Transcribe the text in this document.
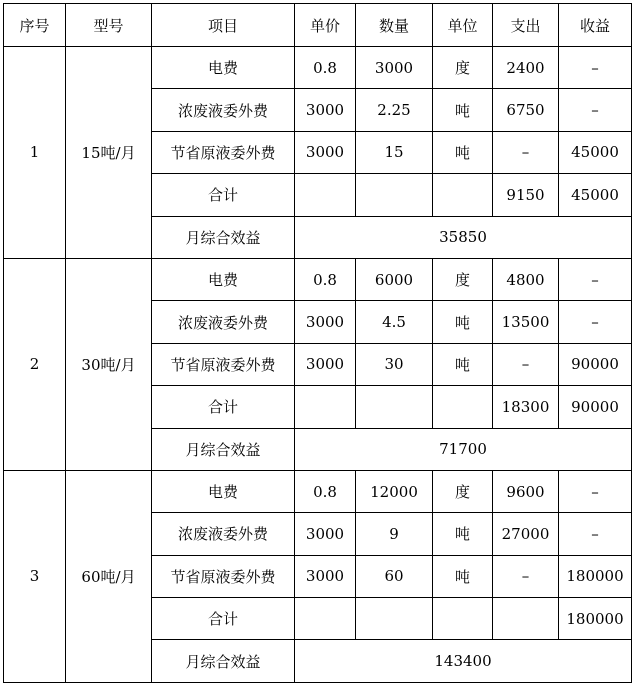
序号	型号	项目	单价	数量	单位	支出	收益
1	15吨/月	电费	0.8	3000	度	2400	–
		浓废液委外费	3000	2.25	吨	6750	–
		节省原液委外费	3000	15	吨	–	45000
		合计				9150	45000
		月综合效益	35850				
2	30吨/月	电费	0.8	6000	度	4800	–
		浓废液委外费	3000	4.5	吨	13500	–
		节省原液委外费	3000	30	吨	–	90000
		合计				18300	90000
		月综合效益	71700				
3	60吨/月	电费	0.8	12000	度	9600	–
		浓废液委外费	3000	9	吨	27000	–
		节省原液委外费	3000	60	吨	–	180000
		合计					180000
		月综合效益	143400				
